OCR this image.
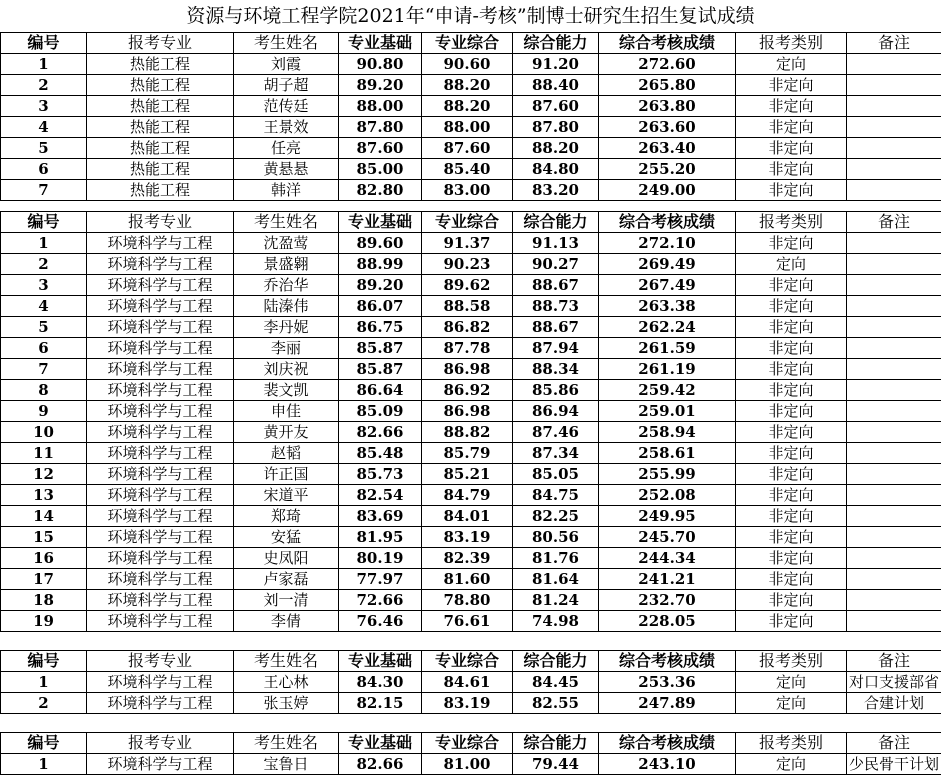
资源与环境工程学院2021年“申请-考核”制博士研究生招生复试成绩
编号	报考专业	考生姓名	专业基础	专业综合	综合能力	综合考核成绩	报考类别	备注
1	热能工程	刘霞	90.80	90.60	91.20	272.60	定向	
2	热能工程	胡子超	89.20	88.20	88.40	265.80	非定向	
3	热能工程	范传廷	88.00	88.20	87.60	263.80	非定向	
4	热能工程	王景效	87.80	88.00	87.80	263.60	非定向	
5	热能工程	任亮	87.60	87.60	88.20	263.40	非定向	
6	热能工程	黄悬悬	85.00	85.40	84.80	255.20	非定向	
7	热能工程	韩洋	82.80	83.00	83.20	249.00	非定向	
编号	报考专业	考生姓名	专业基础	专业综合	综合能力	综合考核成绩	报考类别	备注
1	环境科学与工程	沈盈莺	89.60	91.37	91.13	272.10	非定向	
2	环境科学与工程	景盛翱	88.99	90.23	90.27	269.49	定向	
3	环境科学与工程	乔治华	89.20	89.62	88.67	267.49	非定向	
4	环境科学与工程	陆溱伟	86.07	88.58	88.73	263.38	非定向	
5	环境科学与工程	李丹妮	86.75	86.82	88.67	262.24	非定向	
6	环境科学与工程	李丽	85.87	87.78	87.94	261.59	非定向	
7	环境科学与工程	刘庆祝	85.87	86.98	88.34	261.19	非定向	
8	环境科学与工程	裴文凯	86.64	86.92	85.86	259.42	非定向	
9	环境科学与工程	申佳	85.09	86.98	86.94	259.01	非定向	
10	环境科学与工程	黄开友	82.66	88.82	87.46	258.94	非定向	
11	环境科学与工程	赵韬	85.48	85.79	87.34	258.61	非定向	
12	环境科学与工程	许正国	85.73	85.21	85.05	255.99	非定向	
13	环境科学与工程	宋道平	82.54	84.79	84.75	252.08	非定向	
14	环境科学与工程	郑琦	83.69	84.01	82.25	249.95	非定向	
15	环境科学与工程	安猛	81.95	83.19	80.56	245.70	非定向	
16	环境科学与工程	史凤阳	80.19	82.39	81.76	244.34	非定向	
17	环境科学与工程	卢家磊	77.97	81.60	81.64	241.21	非定向	
18	环境科学与工程	刘一清	72.66	78.80	81.24	232.70	非定向	
19	环境科学与工程	李倩	76.46	76.61	74.98	228.05	非定向	
编号	报考专业	考生姓名	专业基础	专业综合	综合能力	综合考核成绩	报考类别	备注
1	环境科学与工程	王心林	84.30	84.61	84.45	253.36	定向	对口支援部省
2	环境科学与工程	张玉婷	82.15	83.19	82.55	247.89	定向	合建计划
编号	报考专业	考生姓名	专业基础	专业综合	综合能力	综合考核成绩	报考类别	备注
1	环境科学与工程	宝鲁日	82.66	81.00	79.44	243.10	定向	少民骨干计划
